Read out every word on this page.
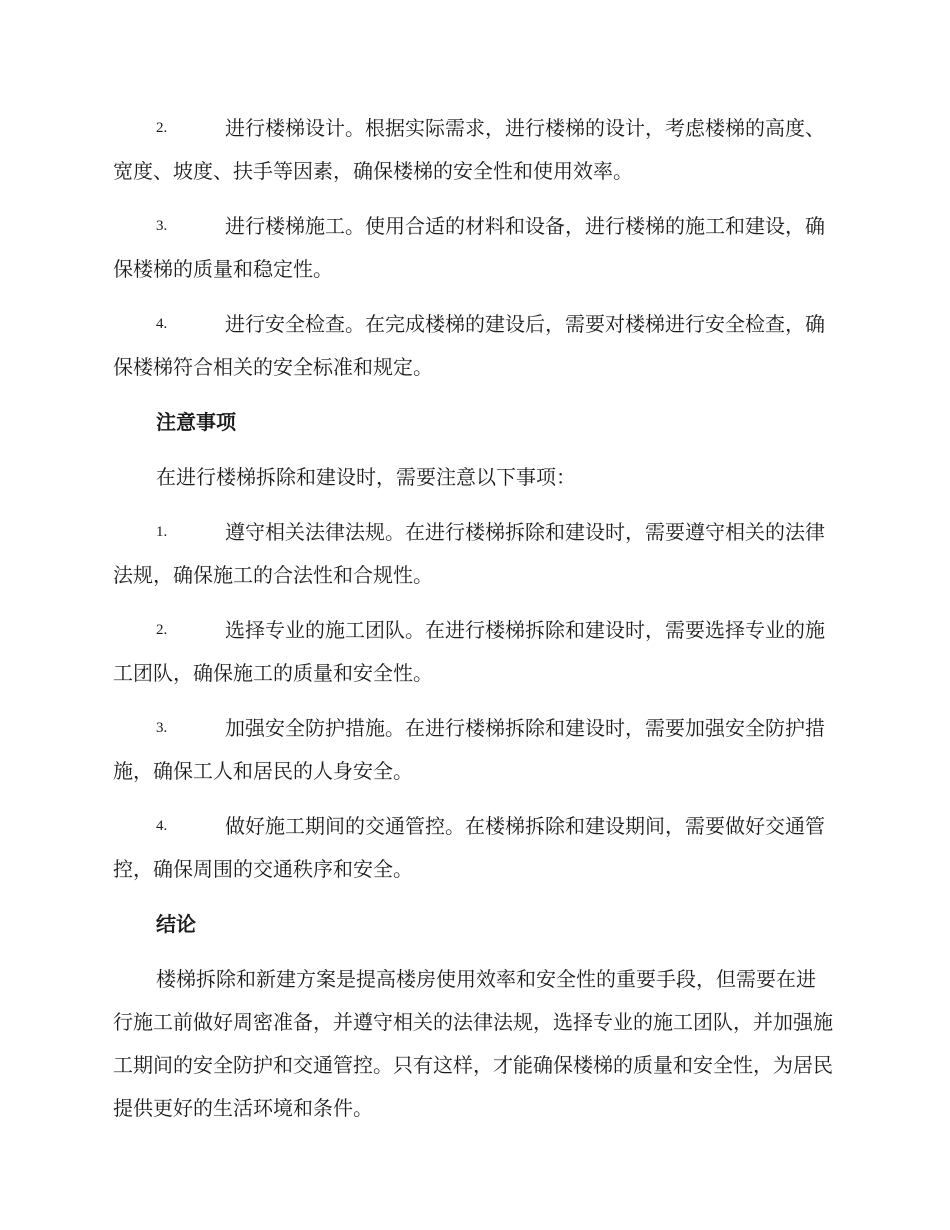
2.	进行楼梯设计。根据实际需求，进行楼梯的设计，考虑楼梯的高度、宽度、坡度、扶手等因素，确保楼梯的安全性和使用效率。
3.	进行楼梯施工。使用合适的材料和设备，进行楼梯的施工和建设，确保楼梯的质量和稳定性。
4.	进行安全检查。在完成楼梯的建设后，需要对楼梯进行安全检查，确保楼梯符合相关的安全标准和规定。
注意事项
在进行楼梯拆除和建设时，需要注意以下事项：
1.	遵守相关法律法规。在进行楼梯拆除和建设时，需要遵守相关的法律法规，确保施工的合法性和合规性。
2.	选择专业的施工团队。在进行楼梯拆除和建设时，需要选择专业的施工团队，确保施工的质量和安全性。
3.	加强安全防护措施。在进行楼梯拆除和建设时，需要加强安全防护措施，确保工人和居民的人身安全。
4.	做好施工期间的交通管控。在楼梯拆除和建设期间，需要做好交通管控，确保周围的交通秩序和安全。
结论

楼梯拆除和新建方案是提高楼房使用效率和安全性的重要手段，但需要在进行施工前做好周密准备，并遵守相关的法律法规，选择专业的施工团队，并加强施工期间的安全防护和交通管控。只有这样，才能确保楼梯的质量和安全性，为居民提供更好的生活环境和条件。
